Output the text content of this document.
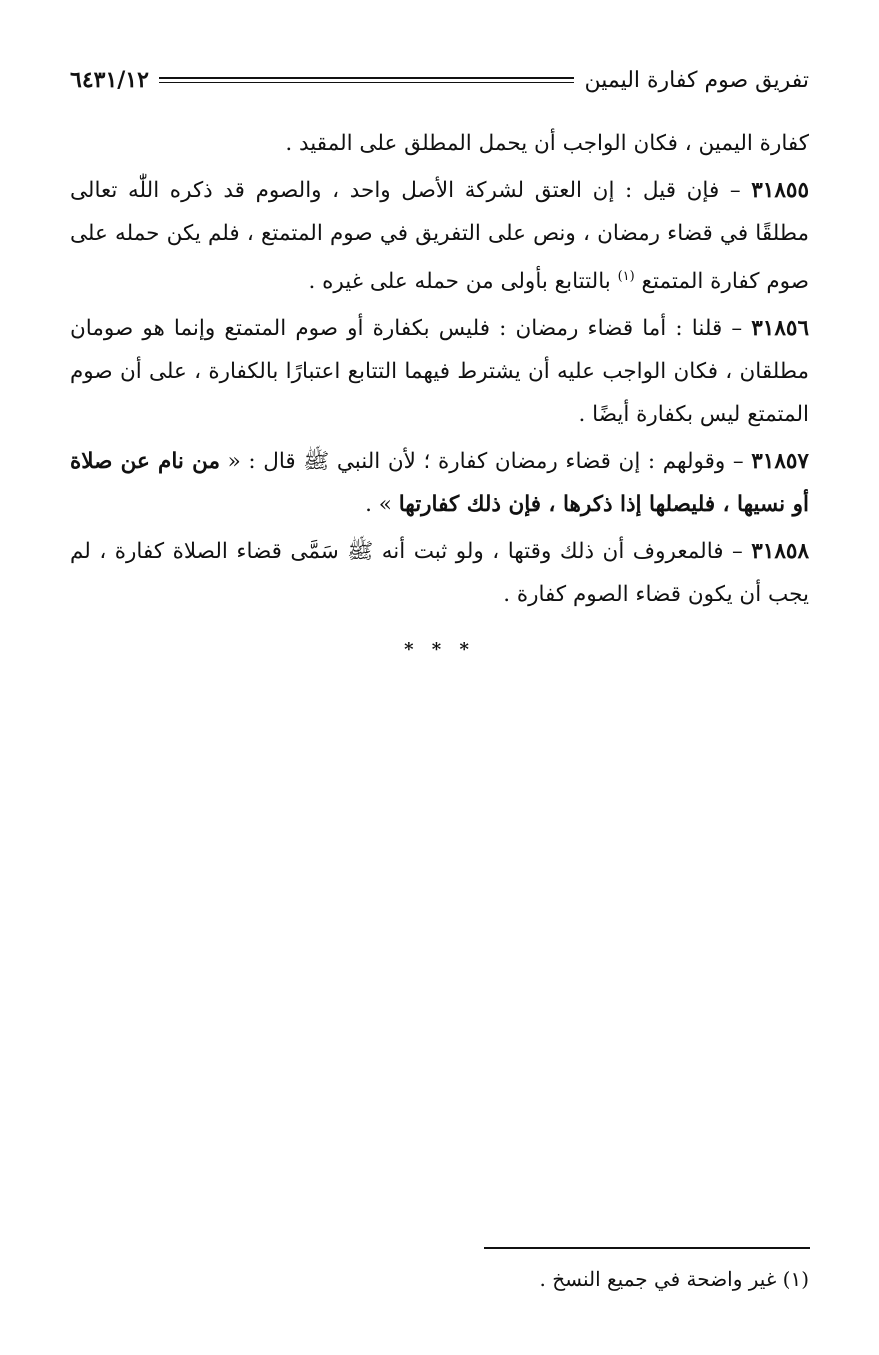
تفريق صوم كفارة اليمين
٦٤٣١/١٢

كفارة اليمين ، فكان الواجب أن يحمل المطلق على المقيد .

٣١٨٥٥ – فإن قيل : إن العتق لشركة الأصل واحد ، والصوم قد ذكره اللّٰه تعالى مطلقًا في قضاء رمضان ، ونص على التفريق في صوم المتمتع ، فلم يكن حمله على صوم كفارة المتمتع $^{(١)}$ بالتتابع بأولى من حمله على غيره .

٣١٨٥٦ – قلنا : أما قضاء رمضان : فليس بكفارة أو صوم المتمتع وإنما هو صومان مطلقان ، فكان الواجب عليه أن يشترط فيهما التتابع اعتبارًا بالكفارة ، على أن صوم المتمتع ليس بكفارة أيضًا .

٣١٨٥٧ – وقولهم : إن قضاء رمضان كفارة ؛ لأن النبي ﷺ قال : « من نام عن صلاة أو نسيها ، فليصلها إذا ذكرها ، فإن ذلك كفارتها » .

٣١٨٥٨ – فالمعروف أن ذلك وقتها ، ولو ثبت أنه ﷺ سَمَّى قضاء الصلاة كفارة ، لم يجب أن يكون قضاء الصوم كفارة .

* * *
(١) غير واضحة في جميع النسخ .
